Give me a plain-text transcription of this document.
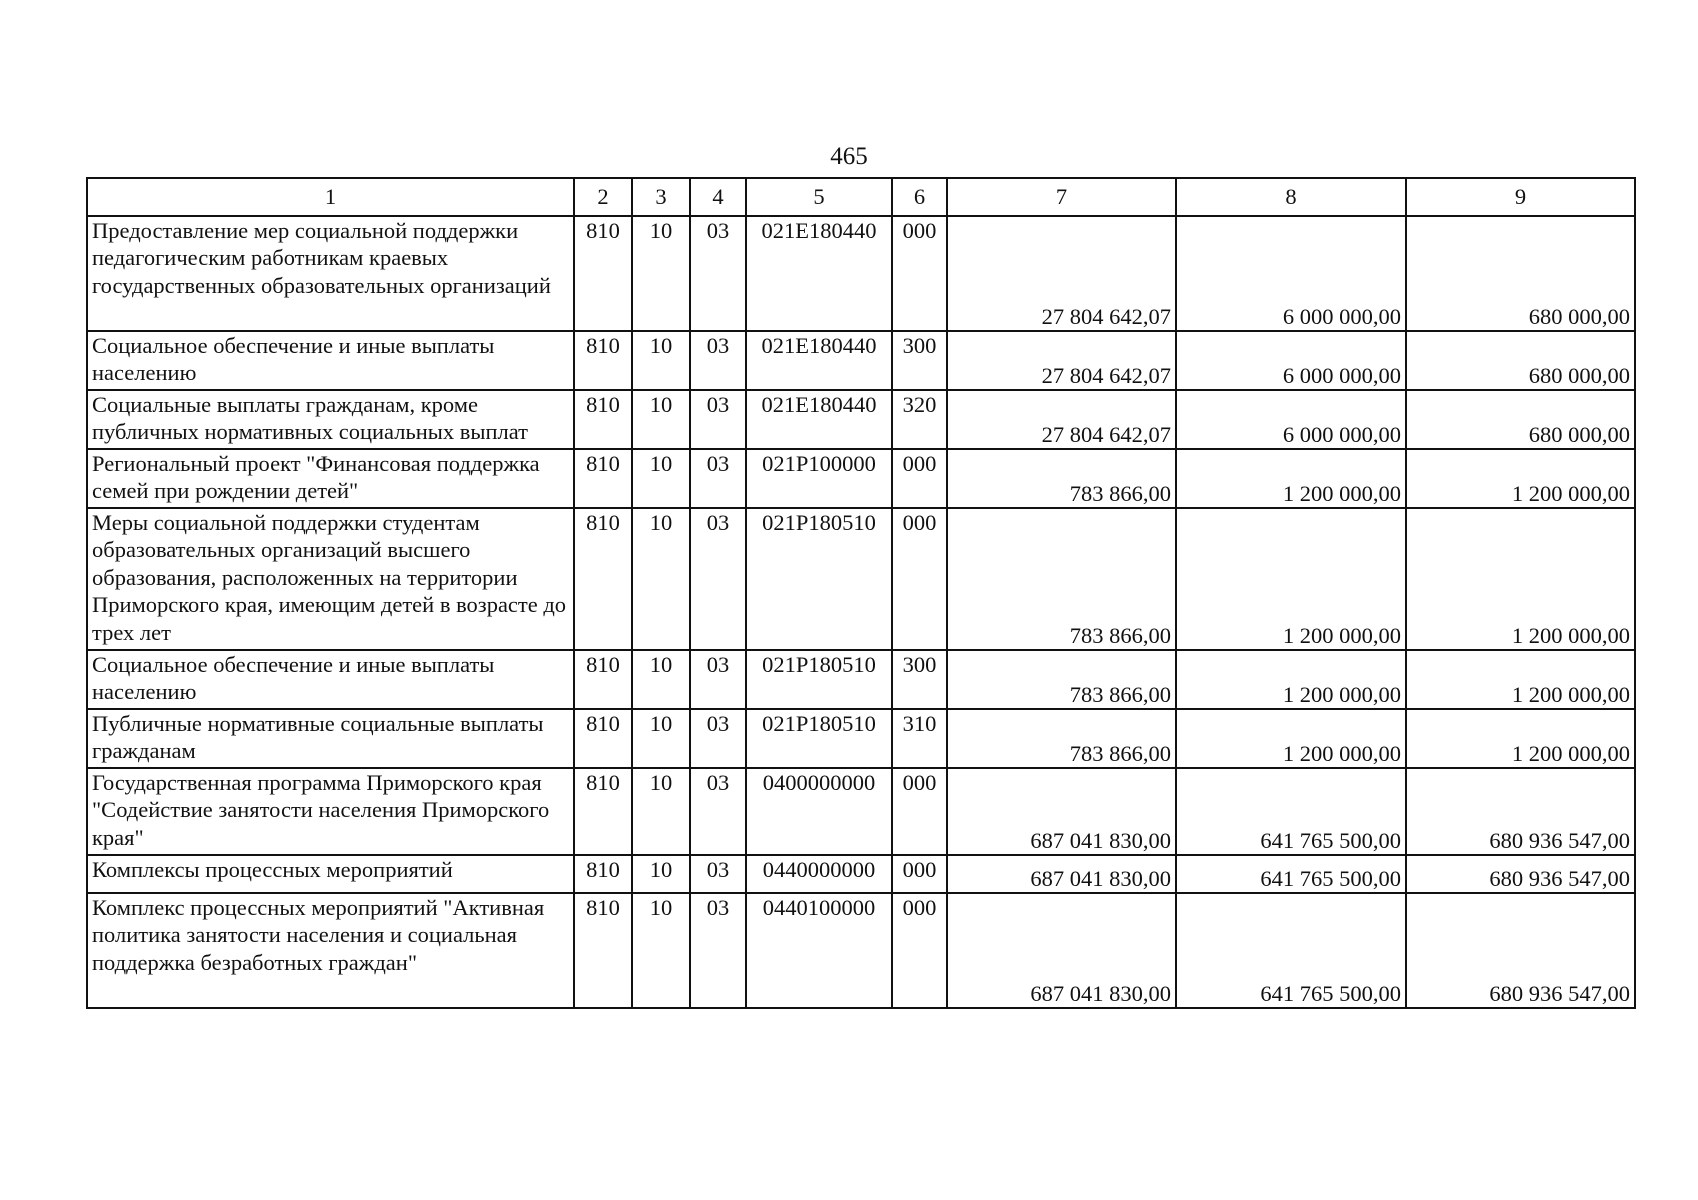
465
1	2	3	4	5	6	7	8	9
Предоставление мер социальной поддержки педагогическим работникам краевых государственных образовательных организаций	810	10	03	021E180440	000	27 804 642,07	6 000 000,00	680 000,00
Социальное обеспечение и иные выплаты населению	810	10	03	021E180440	300	27 804 642,07	6 000 000,00	680 000,00
Социальные выплаты гражданам, кроме публичных нормативных социальных выплат	810	10	03	021E180440	320	27 804 642,07	6 000 000,00	680 000,00
Региональный проект "Финансовая поддержка семей при рождении детей"	810	10	03	021P100000	000	783 866,00	1 200 000,00	1 200 000,00
Меры социальной поддержки студентам образовательных организаций высшего образования, расположенных на территории Приморского края, имеющим детей в возрасте до трех лет	810	10	03	021P180510	000	783 866,00	1 200 000,00	1 200 000,00
Социальное обеспечение и иные выплаты населению	810	10	03	021P180510	300	783 866,00	1 200 000,00	1 200 000,00
Публичные нормативные социальные выплаты гражданам	810	10	03	021P180510	310	783 866,00	1 200 000,00	1 200 000,00
Государственная программа Приморского края "Содействие занятости населения Приморского края"	810	10	03	0400000000	000	687 041 830,00	641 765 500,00	680 936 547,00
Комплексы процессных мероприятий	810	10	03	0440000000	000	687 041 830,00	641 765 500,00	680 936 547,00
Комплекс процессных мероприятий "Активная политика занятости населения и социальная поддержка безработных граждан"	810	10	03	0440100000	000	687 041 830,00	641 765 500,00	680 936 547,00
